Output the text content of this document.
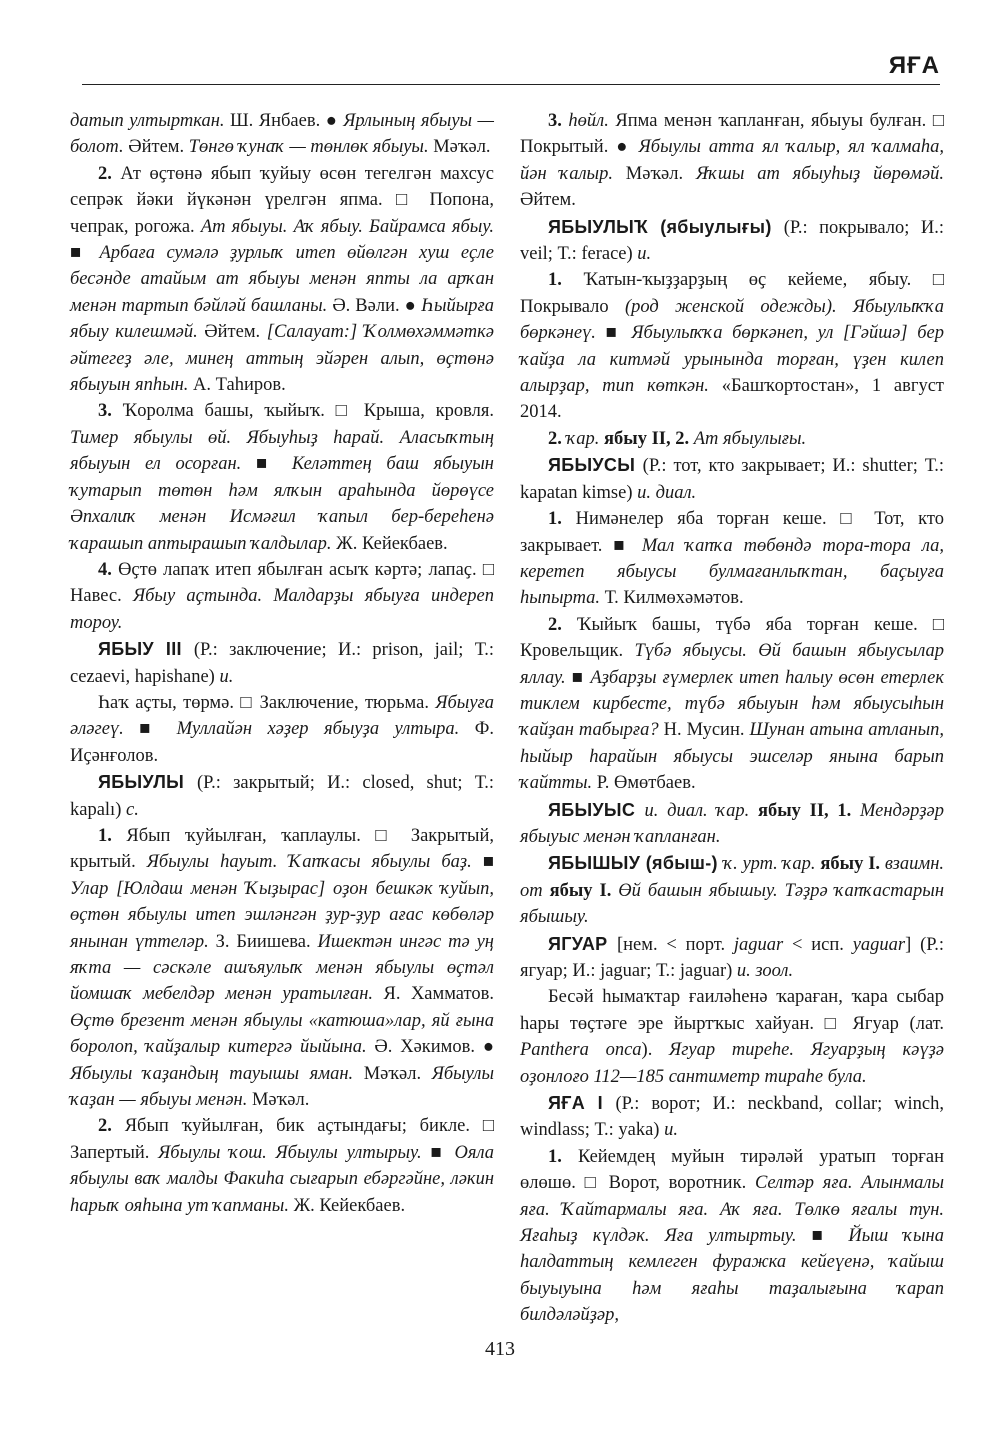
ЯҒА

датып ултырткан. Ш. Янбаев. ● Ярлының ябыуы — болот. Әйтем. Төнгө ҡунаҡ — төнлөк ябыуы. Мәҡәл.

2. Ат өҫтөнә ябып ҡуйыу өсөн тегелгән махсус сепрәк йәки йүкәнән үрелгән япма. □ Попона, чепрак, рогожа. Ат ябыуы. Аҡ ябыу. Байрамса ябыу. ■ Арбаға сумәлә ҙурлыҡ итеп өйөлгән хуш еҫле бесәнде атайым ат ябыуы менән япты ла арҡан менән тартып бәйләй башланы. Ә. Вәли. ● Һыйырға ябыу килешмәй. Әйтем. [Салауат:] Ҡолмөхәммәткә әйтегеҙ әле, минең аттың эйәрен алып, өҫтөнә ябыуын япһын. А. Таһиров.

3. Ҡоролма башы, ҡыйыҡ. □ Крыша, кровля. Тимер ябыулы өй. Ябыуһыҙ һарай. Аласыҡтың ябыуын ел осорған. ■ Келәттең баш ябыуын ҡутарып төтөн һәм ялҡын араһында йөрөүсе Әпхалиҡ менән Исмәғил ҡапыл бер-береһенә ҡарашып аптырашып ҡалдылар. Ж. Кейекбаев.

4. Өҫтө лапаҡ итеп ябылған асыҡ кәртә; лапаҫ. □ Навес. Ябыу аҫтында. Малдарҙы ябыуға индереп тороу.

ЯБЫУ III (Р.: заключение; И.: prison, jail; Т.: cezaevi, hapishane) и.

Һаҡ аҫты, төрмә. □ Заключение, тюрьма. Ябыуға әләгеү. ■ Муллайән хәҙер ябыуҙа ултыра. Ф. Иҫәнғолов.

ЯБЫУЛЫ (Р.: закрытый; И.: closed, shut; Т.: kapalı) с.

1. Ябып ҡуйылған, ҡаплаулы. □ Закрытый, крытый. Ябыулы һауыт. Ҡапҡасы ябыулы баҙ. ■ Улар [Юлдаш менән Ҡыҙырас] оҙон бешкәк ҡуйып, өҫтөн ябыулы итеп эшләнгән ҙур-ҙур ағас көбөләр янынан үттеләр. З. Биишева. Ишектән ингәс тә уң яҡта — сәскәле ашъяулыҡ менән ябыулы өҫтәл йомшаҡ мебелдәр менән уратылған. Я. Хамматов. Өҫтө брезент менән ябыулы «катюша»лар, яй ғына боролоп, ҡайҙалыр китергә йыйына. Ә. Хәкимов. ● Ябыулы ҡаҙандың тауышы яман. Мәҡәл. Ябыулы ҡаҙан — ябыуы менән. Мәҡәл.

2. Ябып ҡуйылған, бик аҫтындағы; бикле. □ Запертый. Ябыулы ҡош. Ябыулы ултырыу. ■ Ояла ябыулы ваҡ малды Факиһа сығарып ебәргәйне, ләкин һарыҡ ояһына ут ҡапманы. Ж. Кейекбаев.

3. һөйл. Япма менән ҡапланған, ябыуы булған. □ Покрытый. ● Ябыулы атта ял ҡалыр, ял ҡалмаһа, йән ҡалыр. Мәҡәл. Яҡшы ат ябыуһыҙ йөрөмәй. Әйтем.

ЯБЫУЛЫҠ (ябыулығы) (Р.: покрывало; И.: veil; Т.: ferace) и.

1. Ҡатын-ҡыҙҙарҙың өҫ кейеме, ябыу. □ Покрывало (род женской одежды). Ябыулыҡҡа бөркәнеү. ■ Ябыулыҡҡа бөркәнеп, ул [Гәйшә] бер ҡайҙа ла китмәй урынында торған, үҙен килеп алырҙар, тип көткән. «Башҡортостан», 1 август 2014.

2. ҡар. ябыу II, 2. Ат ябыулығы.

ЯБЫУСЫ (Р.: тот, кто закрывает; И.: shutter; Т.: kapatan kimse) и. диал.

1. Нимәнелер яба торған кеше. □ Тот, кто закрывает. ■ Мал ҡапҡа төбөндә тора-тора ла, керетеп ябыусы булмағанлыҡтан, баҫыуға һыпырта. Т. Килмөхәмәтов.

2. Ҡыйыҡ башы, түбә яба торған кеше. □ Кровельщик. Түбә ябыусы. Өй башын ябыусылар яллау. ■ Аҙбарҙы ғүмерлек итеп һалыу өсөн етерлек тиклем кирбесте, түбә ябыуын һәм ябыусыһын ҡайҙан табырға? Н. Мусин. Шунан атына атланып, һыйыр һарайын ябыусы эшселәр янына барып ҡайтты. Р. Өмөтбаев.

ЯБЫУЫС и. диал. ҡар. ябыу II, 1. Мендәрҙәр ябыуыс менән ҡапланған.

ЯБЫШЫУ (ябыш-) ҡ. урт. ҡар. ябыу I. взаимн. от ябыу I. Өй башын ябышыу. Тәҙрә ҡапҡастарын ябышыу.

ЯГУАР [нем. < порт. jaguar < исп. yaguar] (Р.: ягуар; И.: jaguar; Т.: jaguar) и. зоол.

Бесәй һымаҡтар ғаиләһенә ҡараған, ҡара сыбар һары төҫтәге эре йыртҡыс хайуан. □ Ягуар (лат. Panthera onca). Ягуар тиреһе. Ягуарҙың кәүҙә оҙонлоғо 112—185 сантиметр тираһе була.

ЯҒА I (Р.: ворот; И.: neckband, collar; winch, windlass; Т.: yaka) и.

1. Кейемдең муйын тирәләй уратып торған өлөшө. □ Ворот, воротник. Селтәр яға. Алынмалы яға. Ҡайтармалы яға. Аҡ яға. Төлкө яғалы тун. Яғаһыҙ күлдәк. Яға ултыртыу. ■ Йыш ҡына һалдаттың кемлеген фуражка кейеүенә, ҡайыш быуыуына һәм яғаһы таҙалығына ҡарап билдәләйҙәр,

413
